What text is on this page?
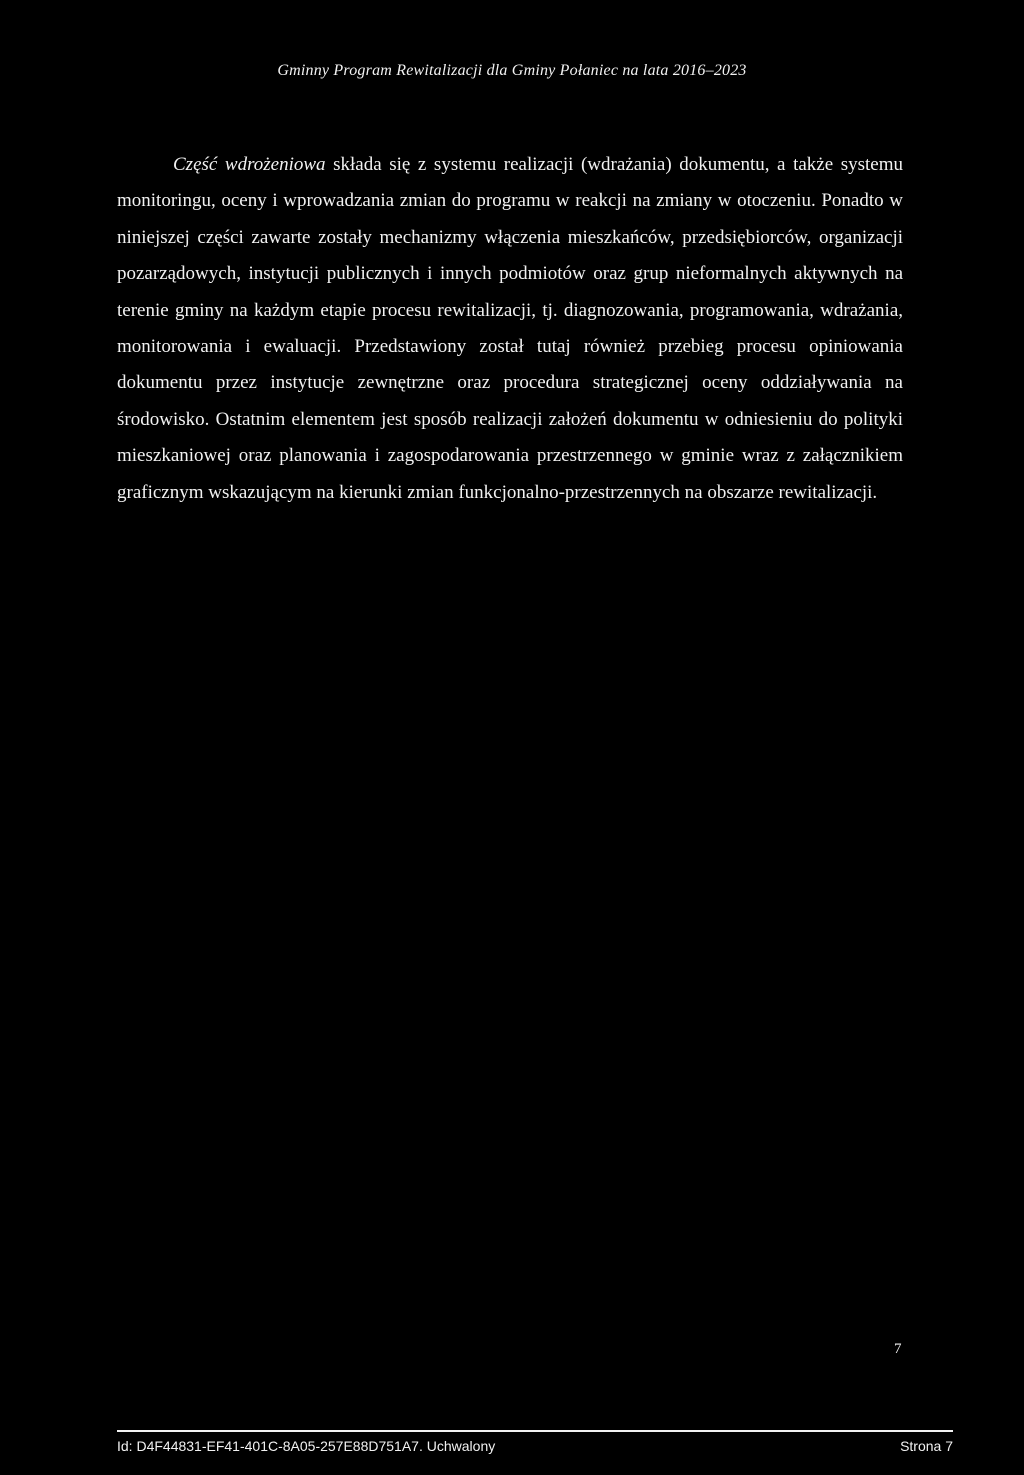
Gminny Program Rewitalizacji dla Gminy Połaniec na lata 2016–2023

Część wdrożeniowa składa się z systemu realizacji (wdrażania) dokumentu, a także systemu monitoringu, oceny i wprowadzania zmian do programu w reakcji na zmiany w otoczeniu. Ponadto w niniejszej części zawarte zostały mechanizmy włączenia mieszkańców, przedsiębiorców, organizacji pozarządowych, instytucji publicznych i innych podmiotów oraz grup nieformalnych aktywnych na terenie gminy na każdym etapie procesu rewitalizacji, tj. diagnozowania, programowania, wdrażania, monitorowania i ewaluacji. Przedstawiony został tutaj również przebieg procesu opiniowania dokumentu przez instytucje zewnętrzne oraz procedura strategicznej oceny oddziaływania na środowisko. Ostatnim elementem jest sposób realizacji założeń dokumentu w odniesieniu do polityki mieszkaniowej oraz planowania i zagospodarowania przestrzennego w gminie wraz z załącznikiem graficznym wskazującym na kierunki zmian funkcjonalno-przestrzennych na obszarze rewitalizacji.

7
Id: D4F44831-EF41-401C-8A05-257E88D751A7. Uchwalony	Strona 7
